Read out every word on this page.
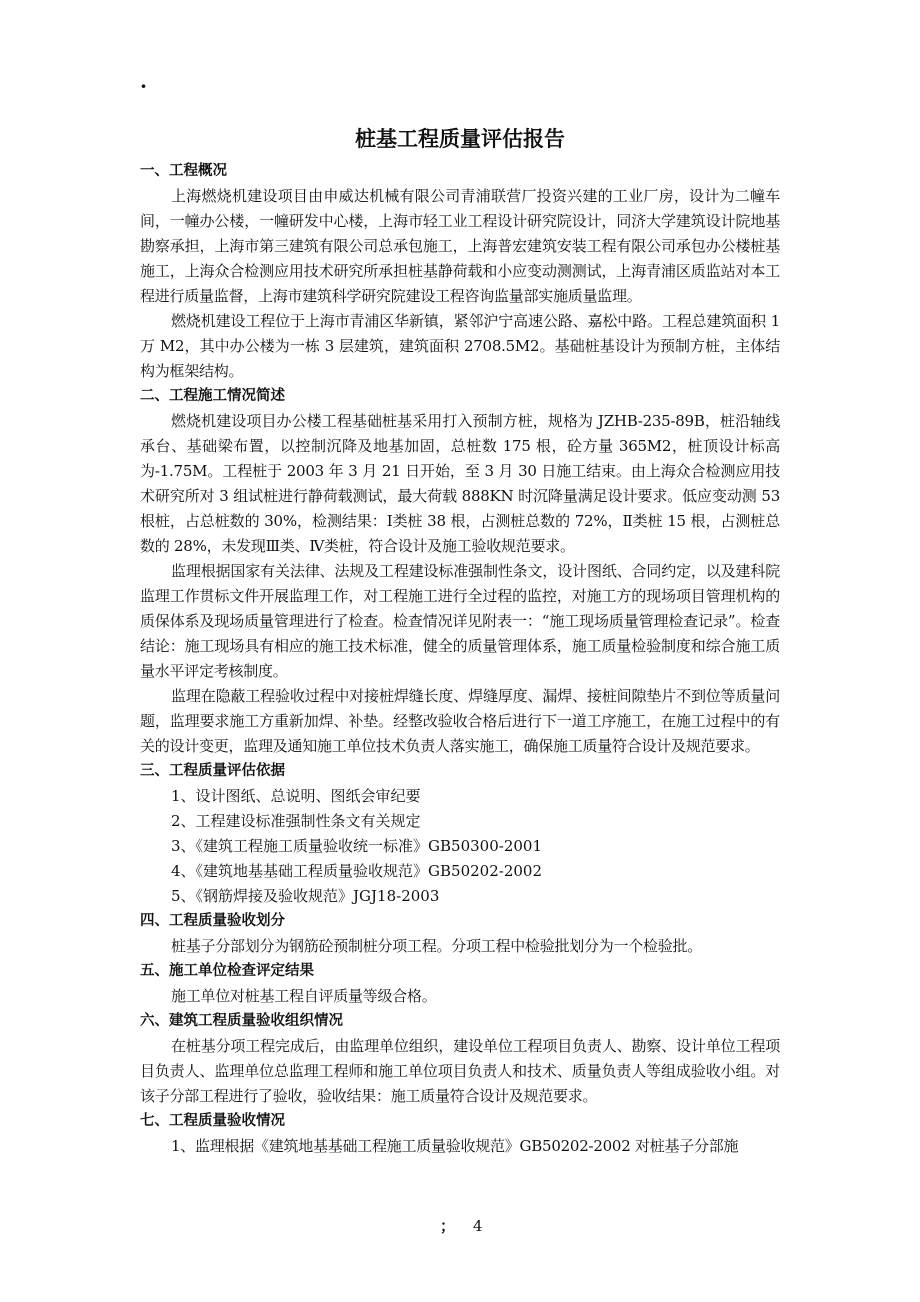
·
桩基工程质量评估报告
一、工程概况

上海燃烧机建设项目由申威达机械有限公司青浦联营厂投资兴建的工业厂房，设计为二幢车间，一幢办公楼，一幢研发中心楼，上海市轻工业工程设计研究院设计，同济大学建筑设计院地基勘察承担，上海市第三建筑有限公司总承包施工，上海普宏建筑安装工程有限公司承包办公楼桩基施工，上海众合检测应用技术研究所承担桩基静荷载和小应变动测测试，上海青浦区质监站对本工程进行质量监督，上海市建筑科学研究院建设工程咨询监量部实施质量监理。

燃烧机建设工程位于上海市青浦区华新镇，紧邻沪宁高速公路、嘉松中路。工程总建筑面积 1 万 M2，其中办公楼为一栋 3 层建筑，建筑面积 2708.5M2。基础桩基设计为预制方桩，主体结构为框架结构。

二、工程施工情况简述

燃烧机建设项目办公楼工程基础桩基采用打入预制方桩，规格为 JZHB-235-89B，桩沿轴线承台、基础梁布置，以控制沉降及地基加固，总桩数 175 根，砼方量 365M2，桩顶设计标高为-1.75M。工程桩于 2003 年 3 月 21 日开始，至 3 月 30 日施工结束。由上海众合检测应用技术研究所对 3 组试桩进行静荷载测试，最大荷载 888KN 时沉降量满足设计要求。低应变动测 53 根桩，占总桩数的 30%，检测结果：Ⅰ类桩 38 根，占测桩总数的 72%，Ⅱ类桩 15 根，占测桩总数的 28%，未发现Ⅲ类、Ⅳ类桩，符合设计及施工验收规范要求。

监理根据国家有关法律、法规及工程建设标准强制性条文，设计图纸、合同约定，以及建科院监理工作贯标文件开展监理工作，对工程施工进行全过程的监控，对施工方的现场项目管理机构的质保体系及现场质量管理进行了检查。检查情况详见附表一：“施工现场质量管理检查记录”。检查结论：施工现场具有相应的施工技术标准，健全的质量管理体系，施工质量检验制度和综合施工质量水平评定考核制度。

监理在隐蔽工程验收过程中对接桩焊缝长度、焊缝厚度、漏焊、接桩间隙垫片不到位等质量问题，监理要求施工方重新加焊、补垫。经整改验收合格后进行下一道工序施工，在施工过程中的有关的设计变更，监理及通知施工单位技术负责人落实施工，确保施工质量符合设计及规范要求。

三、工程质量评估依据
1、设计图纸、总说明、图纸会审纪要
2、工程建设标准强制性条文有关规定
3、《建筑工程施工质量验收统一标准》GB50300-2001
4、《建筑地基基础工程质量验收规范》GB50202-2002
5、《钢筋焊接及验收规范》JGJ18-2003
四、工程质量验收划分

桩基子分部划分为钢筋砼预制桩分项工程。分项工程中检验批划分为一个检验批。

五、施工单位检查评定结果

施工单位对桩基工程自评质量等级合格。

六、建筑工程质量验收组织情况

在桩基分项工程完成后，由监理单位组织，建设单位工程项目负责人、勘察、设计单位工程项目负责人、监理单位总监理工程师和施工单位项目负责人和技术、质量负责人等组成验收小组。对该子分部工程进行了验收，验收结果：施工质量符合设计及规范要求。

七、工程质量验收情况

1、监理根据《建筑地基基础工程施工质量验收规范》GB50202-2002 对桩基子分部施

； 4
